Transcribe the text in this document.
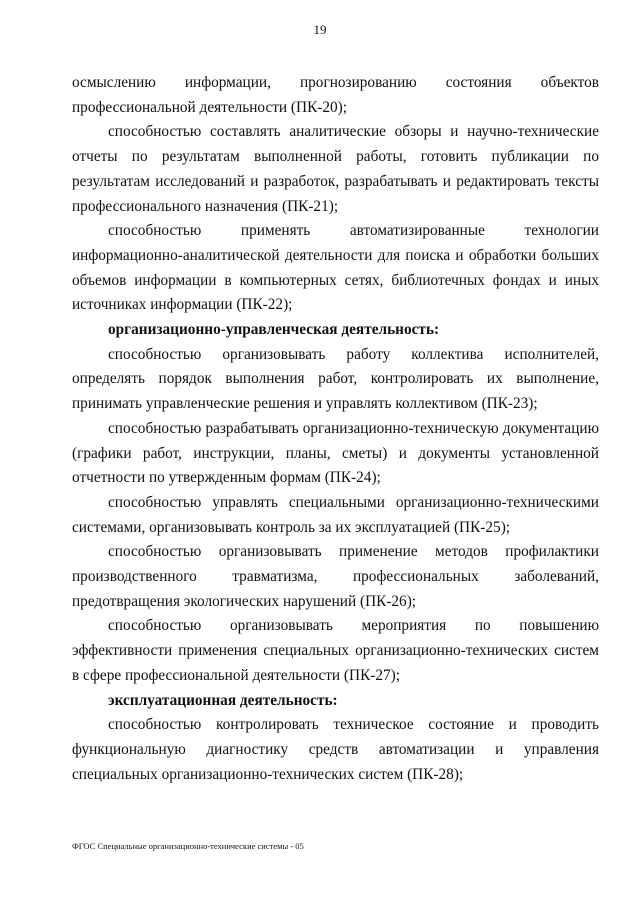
19

осмыслению информации, прогнозированию состояния объектов профессиональной деятельности (ПК-20);

способностью составлять аналитические обзоры и научно-технические отчеты по результатам выполненной работы, готовить публикации по результатам исследований и разработок, разрабатывать и редактировать тексты профессионального назначения (ПК-21);

способностью применять автоматизированные технологии информационно-аналитической деятельности для поиска и обработки больших объемов информации в компьютерных сетях, библиотечных фондах и иных источниках информации (ПК-22);

организационно-управленческая деятельность:

способностью организовывать работу коллектива исполнителей, определять порядок выполнения работ, контролировать их выполнение, принимать управленческие решения и управлять коллективом (ПК-23);

способностью разрабатывать организационно-техническую документацию (графики работ, инструкции, планы, сметы) и документы установленной отчетности по утвержденным формам (ПК-24);

способностью управлять специальными организационно-техническими системами, организовывать контроль за их эксплуатацией (ПК-25);

способностью организовывать применение методов профилактики производственного травматизма, профессиональных заболеваний, предотвращения экологических нарушений (ПК-26);

способностью организовывать мероприятия по повышению эффективности применения специальных организационно-технических систем в сфере профессиональной деятельности (ПК-27);

эксплуатационная деятельность:

способностью контролировать техническое состояние и проводить функциональную диагностику средств автоматизации и управления специальных организационно-технических систем (ПК-28);

ФГОС Специальные организационно-технические системы - 05
